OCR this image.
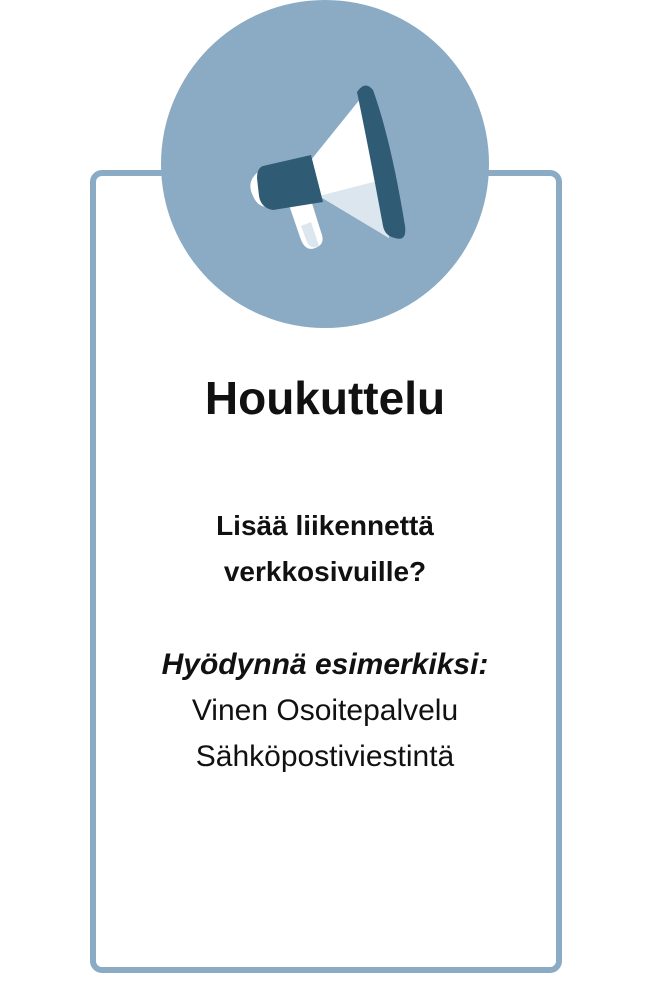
Houkuttelu
Lisää liikennettä
verkkosivuille?
Hyödynnä esimerkiksi:
Vinen Osoitepalvelu
Sähköpostiviestintä
